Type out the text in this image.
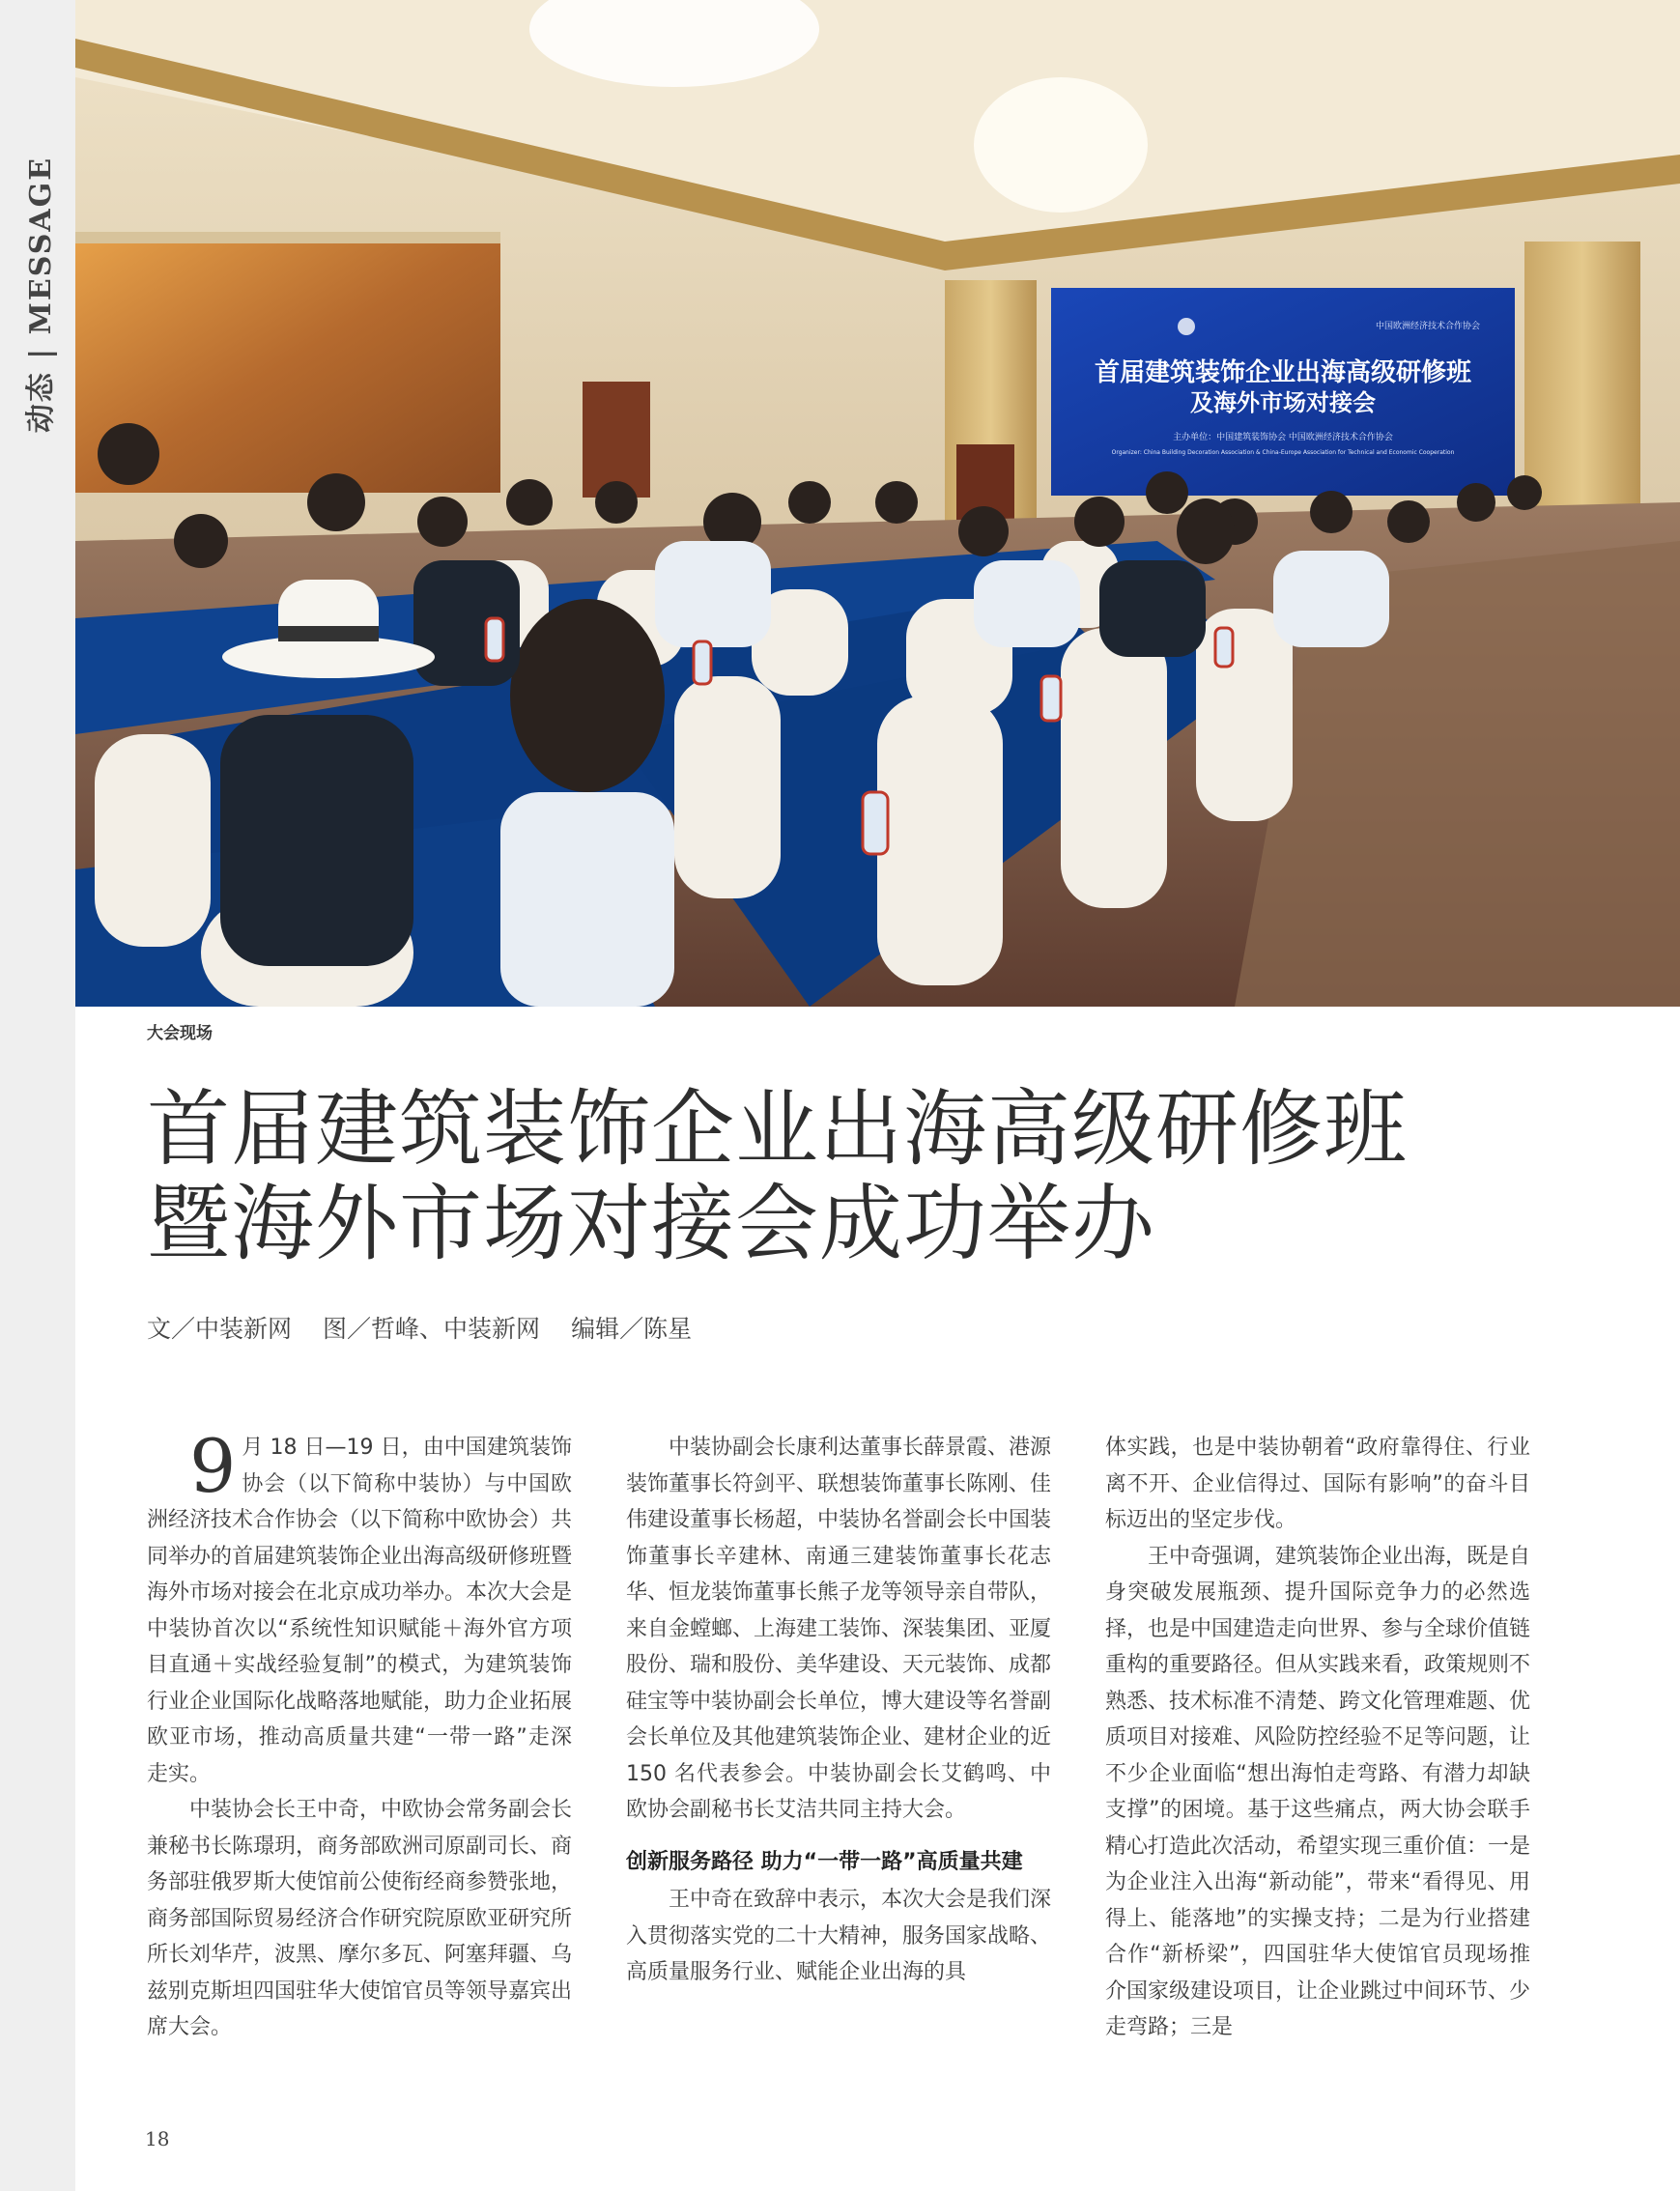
动态 | MESSAGE	首届建筑装饰企业出海高级研修班
及海外市场对接会
主办单位：中国建筑装饰协会 中国欧洲经济技术合作协会
Organizer: China Building Decoration Association & China-Europe Association for Technical and Economic Cooperation
中国欧洲经济技术合作协会
大会现场
首届建筑装饰企业出海高级研修班
暨海外市场对接会成功举办
文／中装新网 图／哲峰、中装新网 编辑／陈星

9 月 18 日—19 日，由中国建筑装饰协会（以下简称中装协）与中国欧洲经济技术合作协会（以下简称中欧协会）共同举办的首届建筑装饰企业出海高级研修班暨海外市场对接会在北京成功举办。本次大会是中装协首次以“系统性知识赋能＋海外官方项目直通＋实战经验复制”的模式，为建筑装饰行业企业国际化战略落地赋能，助力企业拓展欧亚市场，推动高质量共建“一带一路”走深走实。

中装协会长王中奇，中欧协会常务副会长兼秘书长陈璟玥，商务部欧洲司原副司长、商务部驻俄罗斯大使馆前公使衔经商参赞张地，商务部国际贸易经济合作研究院原欧亚研究所所长刘华芹，波黑、摩尔多瓦、阿塞拜疆、乌兹别克斯坦四国驻华大使馆官员等领导嘉宾出席大会。

中装协副会长康利达董事长薛景霞、港源装饰董事长符剑平、联想装饰董事长陈刚、佳伟建设董事长杨超，中装协名誉副会长中国装饰董事长辛建林、南通三建装饰董事长花志华、恒龙装饰董事长熊子龙等领导亲自带队，来自金螳螂、上海建工装饰、深装集团、亚厦股份、瑞和股份、美华建设、天元装饰、成都硅宝等中装协副会长单位，博大建设等名誉副会长单位及其他建筑装饰企业、建材企业的近 150 名代表参会。中装协副会长艾鹤鸣、中欧协会副秘书长艾洁共同主持大会。

创新服务路径 助力“一带一路”高质量共建

王中奇在致辞中表示，本次大会是我们深入贯彻落实党的二十大精神，服务国家战略、高质量服务行业、赋能企业出海的具

体实践，也是中装协朝着“政府靠得住、行业离不开、企业信得过、国际有影响”的奋斗目标迈出的坚定步伐。

王中奇强调，建筑装饰企业出海，既是自身突破发展瓶颈、提升国际竞争力的必然选择，也是中国建造走向世界、参与全球价值链重构的重要路径。但从实践来看，政策规则不熟悉、技术标准不清楚、跨文化管理难题、优质项目对接难、风险防控经验不足等问题，让不少企业面临“想出海怕走弯路、有潜力却缺支撑”的困境。基于这些痛点，两大协会联手精心打造此次活动，希望实现三重价值：一是为企业注入出海“新动能”，带来“看得见、用得上、能落地”的实操支持；二是为行业搭建合作“新桥梁”，四国驻华大使馆官员现场推介国家级建设项目，让企业跳过中间环节、少走弯路；三是

18
